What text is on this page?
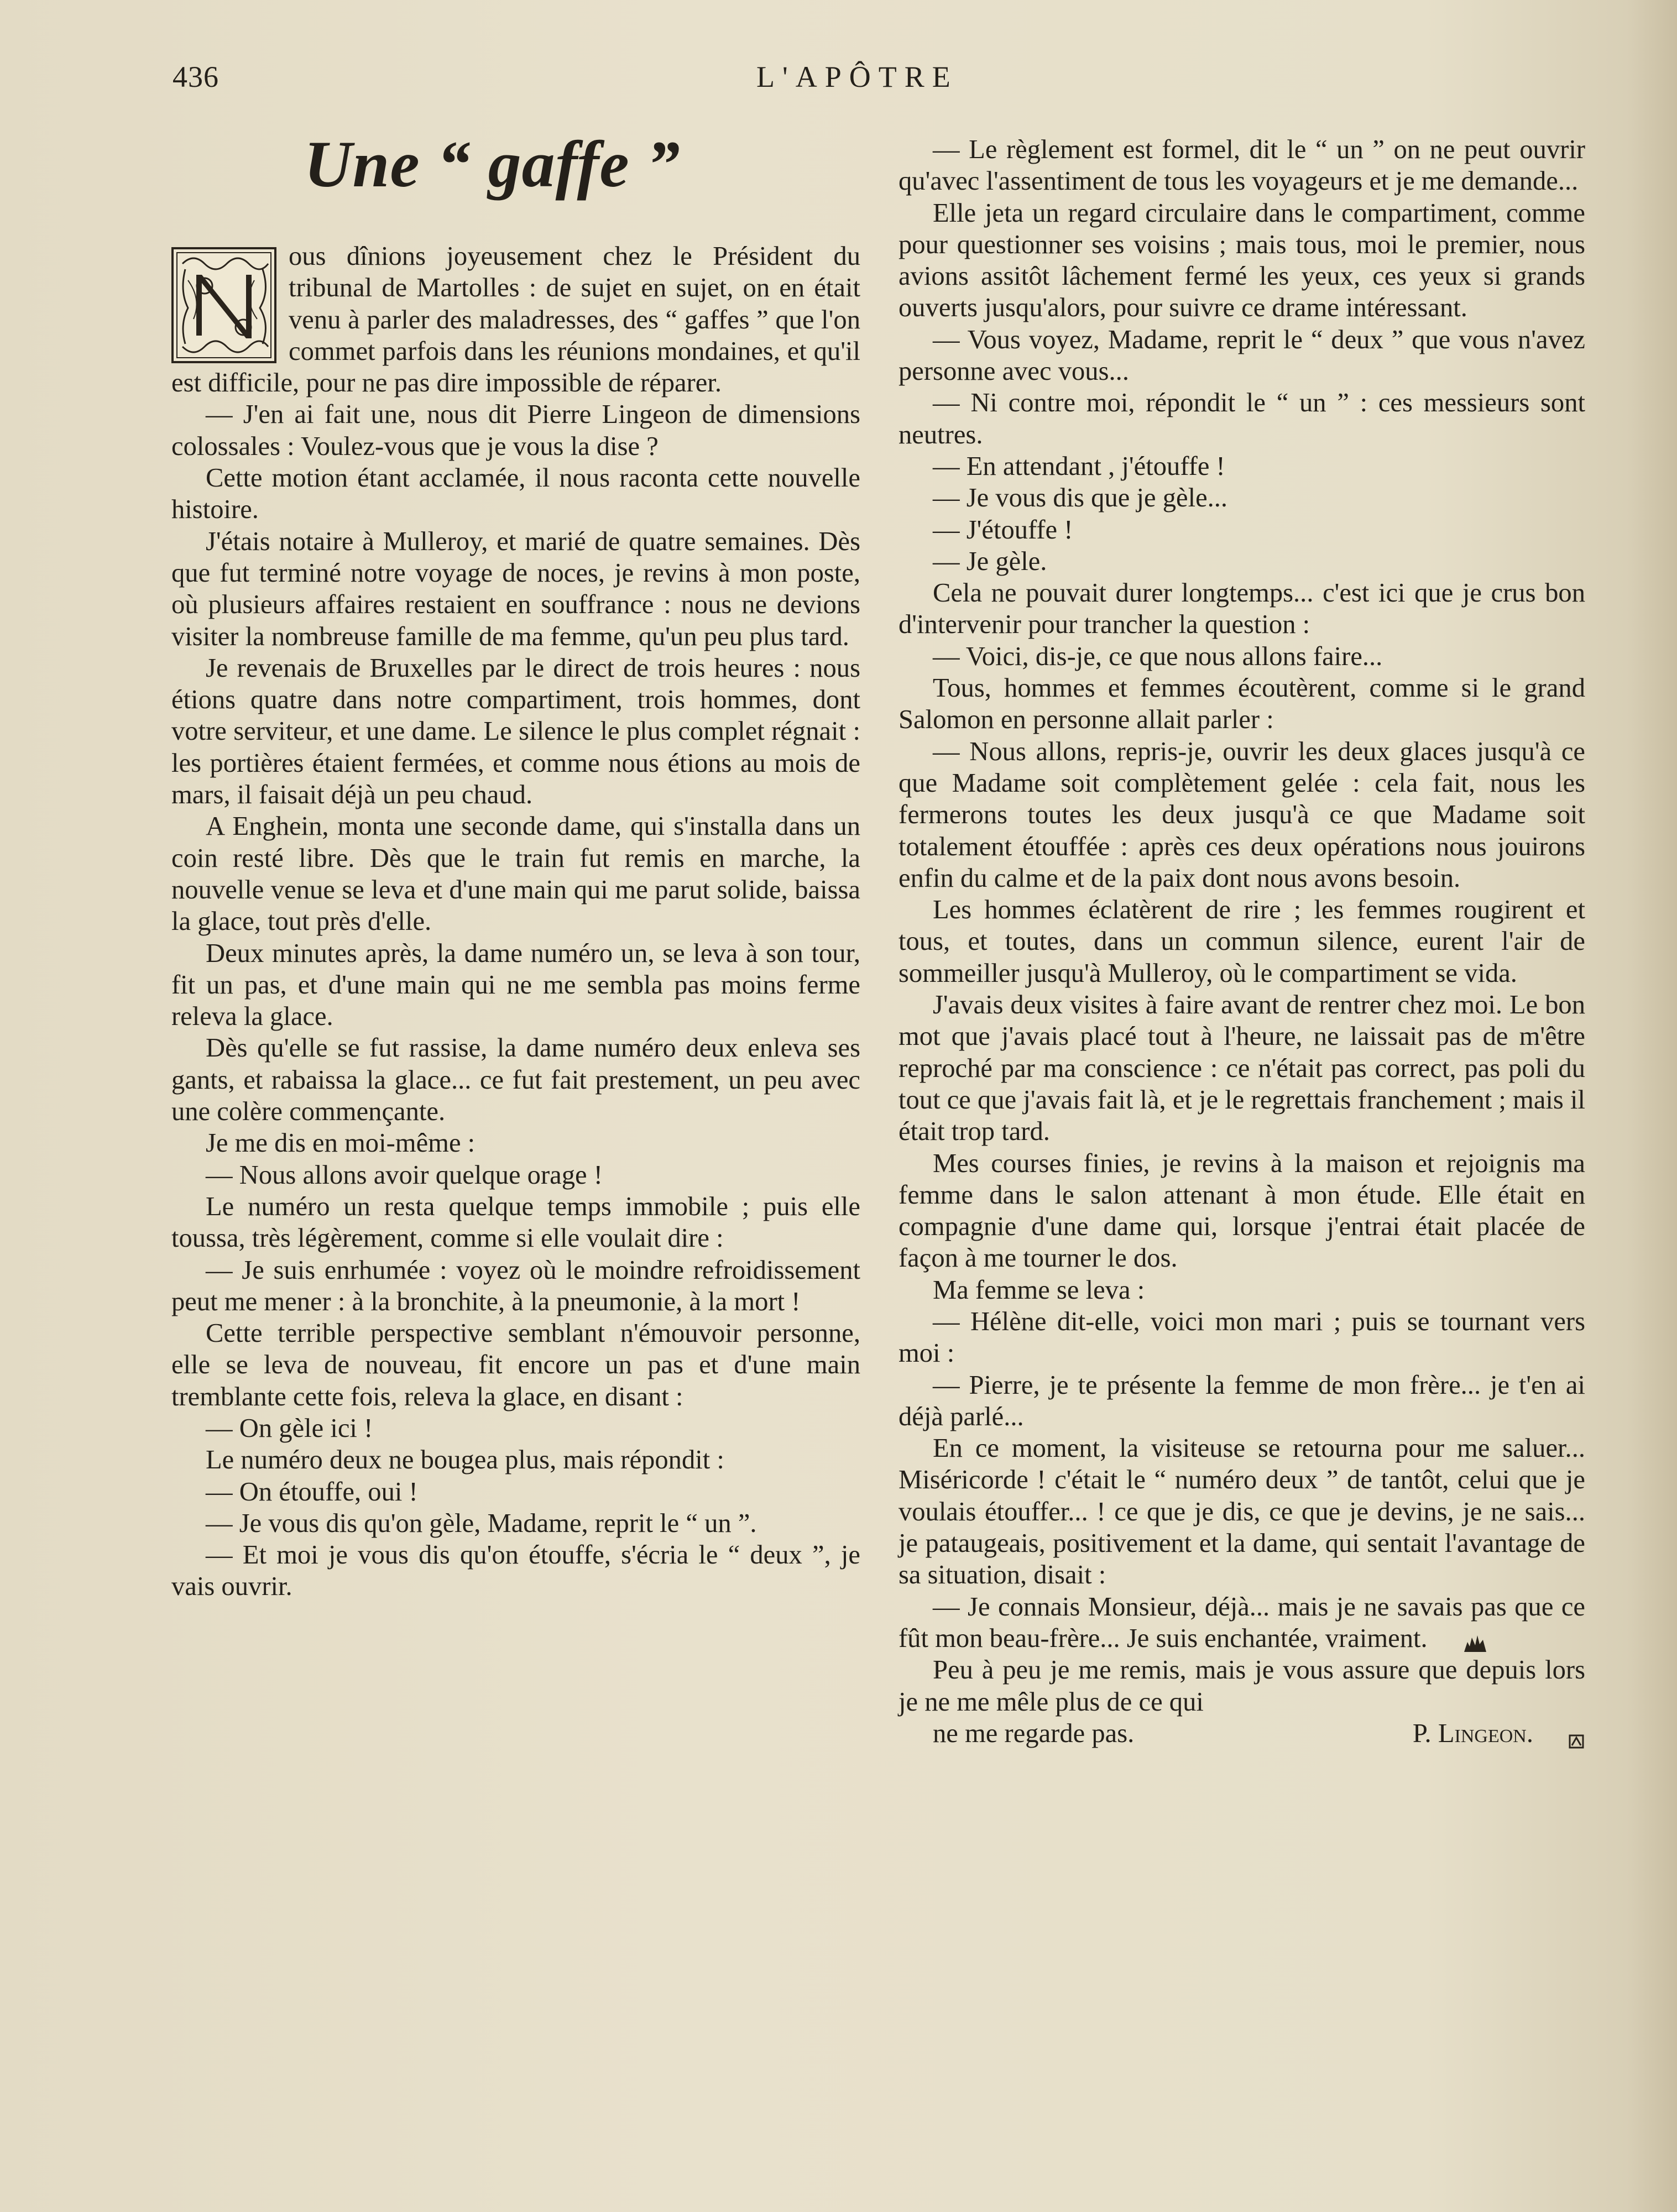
436	L'APÔTRE
Une “ gaffe ”

ous dînions joyeusement chez le Président du tribunal de Martolles : de sujet en sujet, on en était venu à parler des maladresses, des “ gaffes ” que l'on commet parfois dans les réunions mondaines, et qu'il est difficile, pour ne pas dire impossible de réparer.

— J'en ai fait une, nous dit Pierre Lingeon de dimensions colossales : Voulez-vous que je vous la dise ?

Cette motion étant acclamée, il nous raconta cette nouvelle histoire.

J'étais notaire à Mulleroy, et marié de quatre semaines. Dès que fut terminé notre voyage de noces, je revins à mon poste, où plusieurs affaires restaient en souffrance : nous ne devions visiter la nombreuse famille de ma femme, qu'un peu plus tard.

Je revenais de Bruxelles par le direct de trois heures : nous étions quatre dans notre compartiment, trois hommes, dont votre serviteur, et une dame. Le silence le plus complet régnait : les portières étaient fermées, et comme nous étions au mois de mars, il faisait déjà un peu chaud.

A Enghein, monta une seconde dame, qui s'installa dans un coin resté libre. Dès que le train fut remis en marche, la nouvelle venue se leva et d'une main qui me parut solide, baissa la glace, tout près d'elle.

Deux minutes après, la dame numéro un, se leva à son tour, fit un pas, et d'une main qui ne me sembla pas moins ferme releva la glace.

Dès qu'elle se fut rassise, la dame numéro deux enleva ses gants, et rabaissa la glace... ce fut fait prestement, un peu avec une colère commençante.

Je me dis en moi-même :

— Nous allons avoir quelque orage !

Le numéro un resta quelque temps immobile ; puis elle toussa, très légèrement, comme si elle voulait dire :

— Je suis enrhumée : voyez où le moindre refroidissement peut me mener : à la bronchite, à la pneumonie, à la mort !

Cette terrible perspective semblant n'émouvoir personne, elle se leva de nouveau, fit encore un pas et d'une main tremblante cette fois, releva la glace, en disant :

— On gèle ici !

Le numéro deux ne bougea plus, mais répondit :

— On étouffe, oui !

— Je vous dis qu'on gèle, Madame, reprit le “ un ”.

— Et moi je vous dis qu'on étouffe, s'écria le “ deux ”, je vais ouvrir.

— Le règlement est formel, dit le “ un ” on ne peut ouvrir qu'avec l'assentiment de tous les voyageurs et je me demande...

Elle jeta un regard circulaire dans le compartiment, comme pour questionner ses voisins ; mais tous, moi le premier, nous avions assitôt lâchement fermé les yeux, ces yeux si grands ouverts jusqu'alors, pour suivre ce drame intéressant.

— Vous voyez, Madame, reprit le “ deux ” que vous n'avez personne avec vous...

— Ni contre moi, répondit le “ un ” : ces messieurs sont neutres.

— En attendant , j'étouffe !

— Je vous dis que je gèle...

— J'étouffe !

— Je gèle.

Cela ne pouvait durer longtemps... c'est ici que je crus bon d'intervenir pour trancher la question :

— Voici, dis-je, ce que nous allons faire...

Tous, hommes et femmes écoutèrent, comme si le grand Salomon en personne allait parler :

— Nous allons, repris-je, ouvrir les deux glaces jusqu'à ce que Madame soit complètement gelée : cela fait, nous les fermerons toutes les deux jusqu'à ce que Madame soit totalement étouffée : après ces deux opérations nous jouirons enfin du calme et de la paix dont nous avons besoin.

Les hommes éclatèrent de rire ; les femmes rougirent et tous, et toutes, dans un commun silence, eurent l'air de sommeiller jusqu'à Mulleroy, où le compartiment se vida.

J'avais deux visites à faire avant de rentrer chez moi. Le bon mot que j'avais placé tout à l'heure, ne laissait pas de m'être reproché par ma conscience : ce n'était pas correct, pas poli du tout ce que j'avais fait là, et je le regrettais franchement ; mais il était trop tard.

Mes courses finies, je revins à la maison et rejoignis ma femme dans le salon attenant à mon étude. Elle était en compagnie d'une dame qui, lorsque j'entrai était placée de façon à me tourner le dos.

Ma femme se leva :

— Hélène dit-elle, voici mon mari ; puis se tournant vers moi :

— Pierre, je te présente la femme de mon frère... je t'en ai déjà parlé...

En ce moment, la visiteuse se retourna pour me saluer... Miséricorde ! c'était le “ numéro deux ” de tantôt, celui que je voulais étouffer... ! ce que je dis, ce que je devins, je ne sais... je pataugeais, positivement et la dame, qui sentait l'avantage de sa situation, disait :

— Je connais Monsieur, déjà... mais je ne savais pas que ce fût mon beau-frère... Je suis enchantée, vraiment.

Peu à peu je me remis, mais je vous assure que depuis lors je ne me mêle plus de ce qui

ne me regarde pas.	P. Lingeon.
